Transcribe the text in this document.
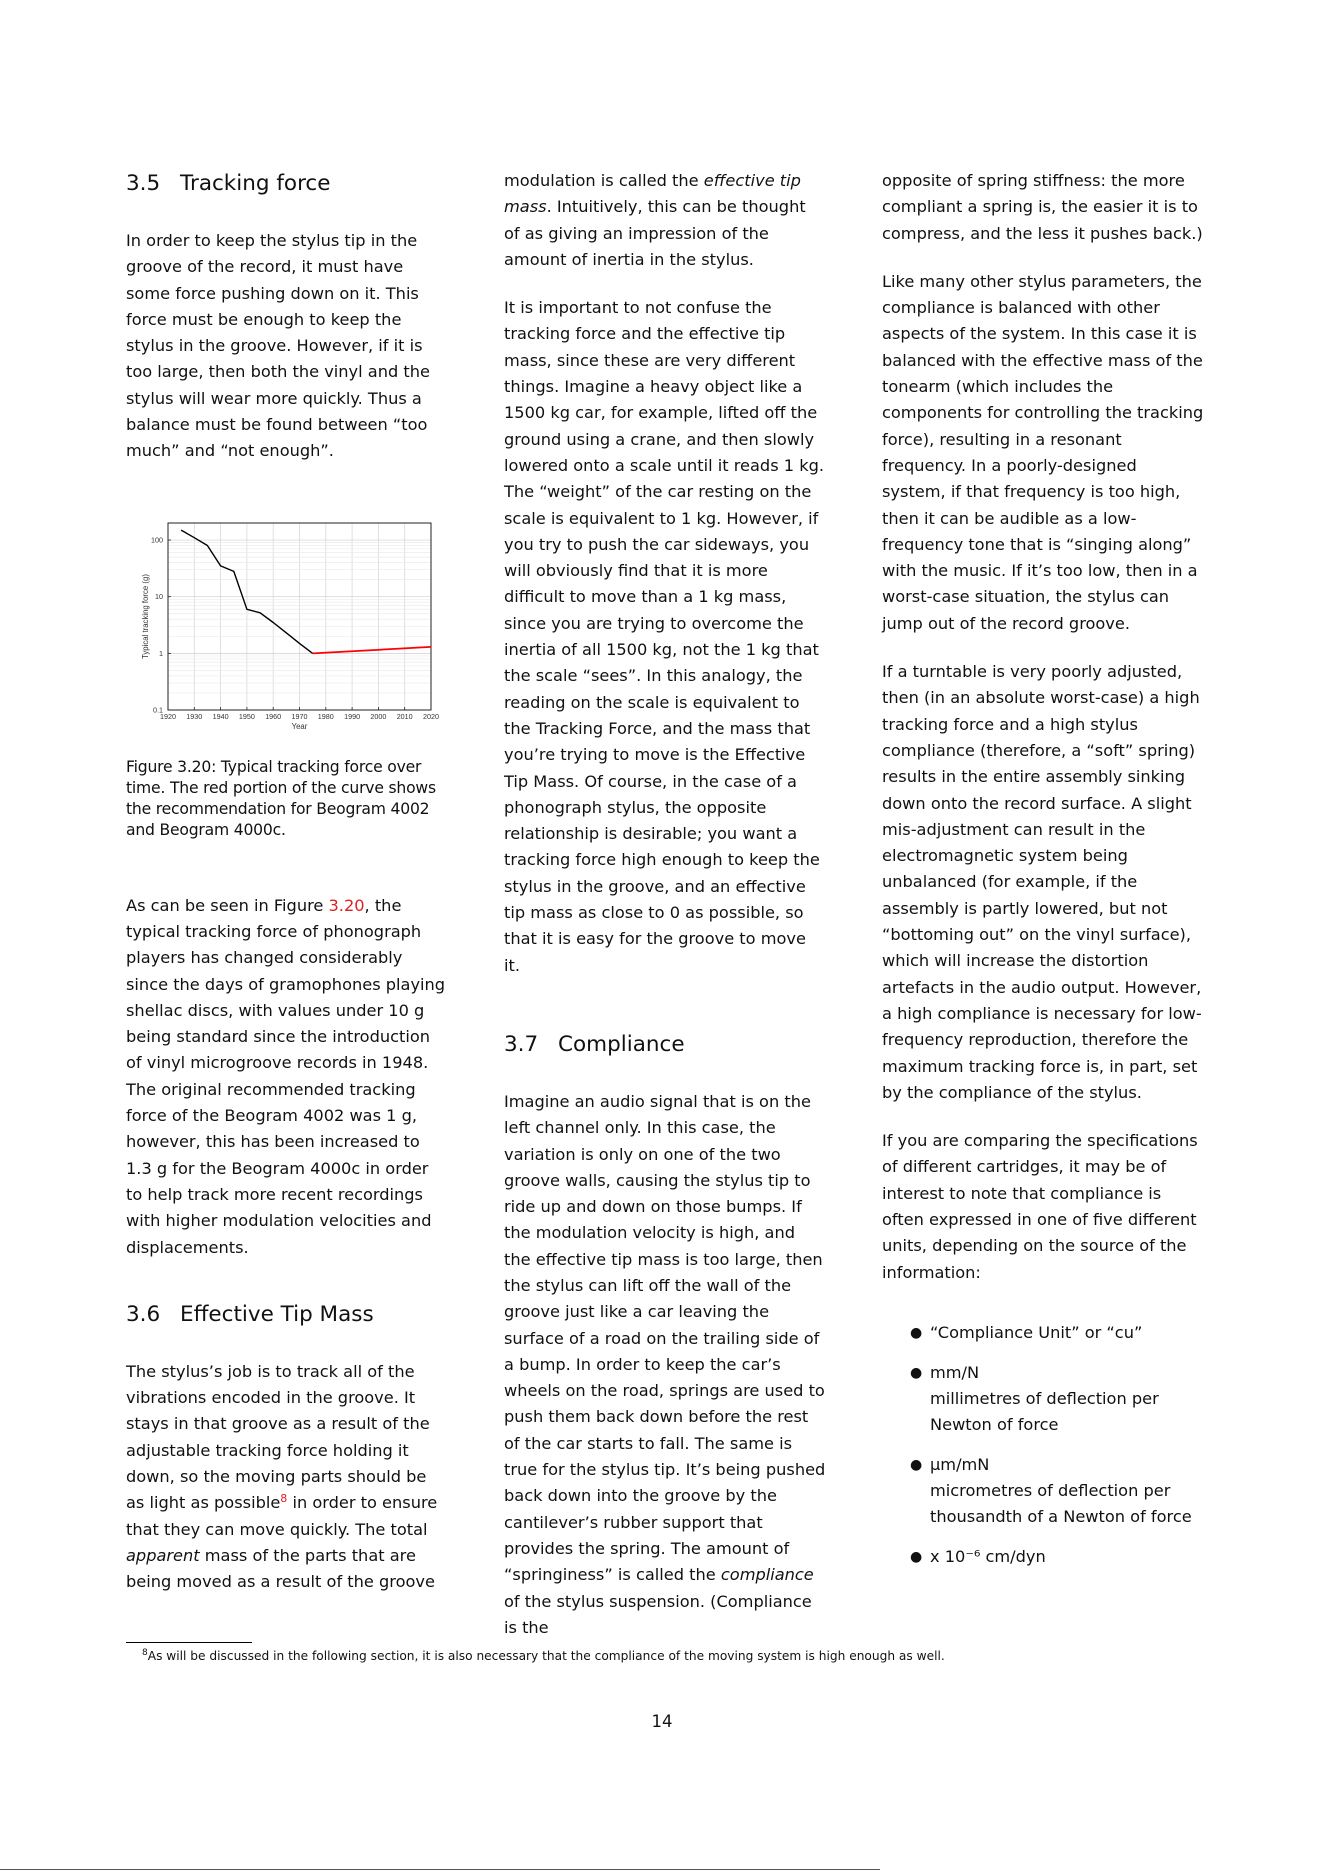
3.5 Tracking force

In order to keep the stylus tip in the groove of the record, it must have some force pushing down on it. This force must be enough to keep the stylus in the groove. However, if it is too large, then both the vinyl and the stylus will wear more quickly. Thus a balance must be found between “too much” and “not enough”.

1920 1930 1940 1950 1960 1970 1980 1990 2000 2010 2020
0.1
1
10
100
Year
Typical tracking force (g)
Figure 3.20: Typical tracking force over time. The red portion of the curve shows the recommendation for Beogram 4002 and Beogram 4000c.

As can be seen in Figure 3.20, the typical tracking force of phonograph players has changed considerably since the days of gramophones playing shellac discs, with values under 10 g being standard since the introduction of vinyl microgroove records in 1948. The original recommended tracking force of the Beogram 4002 was 1 g, however, this has been increased to 1.3 g for the Beogram 4000c in order to help track more recent recordings with higher modulation velocities and displacements.

3.6 Effective Tip Mass

The stylus’s job is to track all of the vibrations encoded in the groove. It stays in that groove as a result of the adjustable tracking force holding it down, so the moving parts should be as light as possible$^8$ in order to ensure that they can move quickly. The total apparent mass of the parts that are being moved as a result of the groove

modulation is called the effective tip mass. Intuitively, this can be thought of as giving an impression of the amount of inertia in the stylus.

It is important to not confuse the tracking force and the effective tip mass, since these are very different things. Imagine a heavy object like a 1500 kg car, for example, lifted off the ground using a crane, and then slowly lowered onto a scale until it reads 1 kg. The “weight” of the car resting on the scale is equivalent to 1 kg. However, if you try to push the car sideways, you will obviously find that it is more difficult to move than a 1 kg mass, since you are trying to overcome the inertia of all 1500 kg, not the 1 kg that the scale “sees”. In this analogy, the reading on the scale is equivalent to the Tracking Force, and the mass that you’re trying to move is the Effective Tip Mass. Of course, in the case of a phonograph stylus, the opposite relationship is desirable; you want a tracking force high enough to keep the stylus in the groove, and an effective tip mass as close to 0 as possible, so that it is easy for the groove to move it.

3.7 Compliance

Imagine an audio signal that is on the left channel only. In this case, the variation is only on one of the two groove walls, causing the stylus tip to ride up and down on those bumps. If the modulation velocity is high, and the effective tip mass is too large, then the stylus can lift off the wall of the groove just like a car leaving the surface of a road on the trailing side of a bump. In order to keep the car’s wheels on the road, springs are used to push them back down before the rest of the car starts to fall. The same is true for the stylus tip. It’s being pushed back down into the groove by the cantilever’s rubber support that provides the spring. The amount of “springiness” is called the compliance of the stylus suspension. (Compliance is the

opposite of spring stiffness: the more compliant a spring is, the easier it is to compress, and the less it pushes back.)

Like many other stylus parameters, the compliance is balanced with other aspects of the system. In this case it is balanced with the effective mass of the tonearm (which includes the components for controlling the tracking force), resulting in a resonant frequency. In a poorly-designed system, if that frequency is too high, then it can be audible as a low-frequency tone that is “singing along” with the music. If it’s too low, then in a worst-case situation, the stylus can jump out of the record groove.

If a turntable is very poorly adjusted, then (in an absolute worst-case) a high tracking force and a high stylus compliance (therefore, a “soft” spring) results in the entire assembly sinking down onto the record surface. A slight mis-adjustment can result in the electromagnetic system being unbalanced (for example, if the assembly is partly lowered, but not “bottoming out” on the vinyl surface), which will increase the distortion artefacts in the audio output. However, a high compliance is necessary for low-frequency reproduction, therefore the maximum tracking force is, in part, set by the compliance of the stylus.

If you are comparing the specifications of different cartridges, it may be of interest to note that compliance is often expressed in one of five different units, depending on the source of the information:

● “Compliance Unit” or “cu”
● mm/N
millimetres of deflection per Newton of force
● μm/mN
micrometres of deflection per thousandth of a Newton of force
● x 10⁻⁶ cm/dyn
$^8$As will be discussed in the following section, it is also necessary that the compliance of the moving system is high enough as well.
14
